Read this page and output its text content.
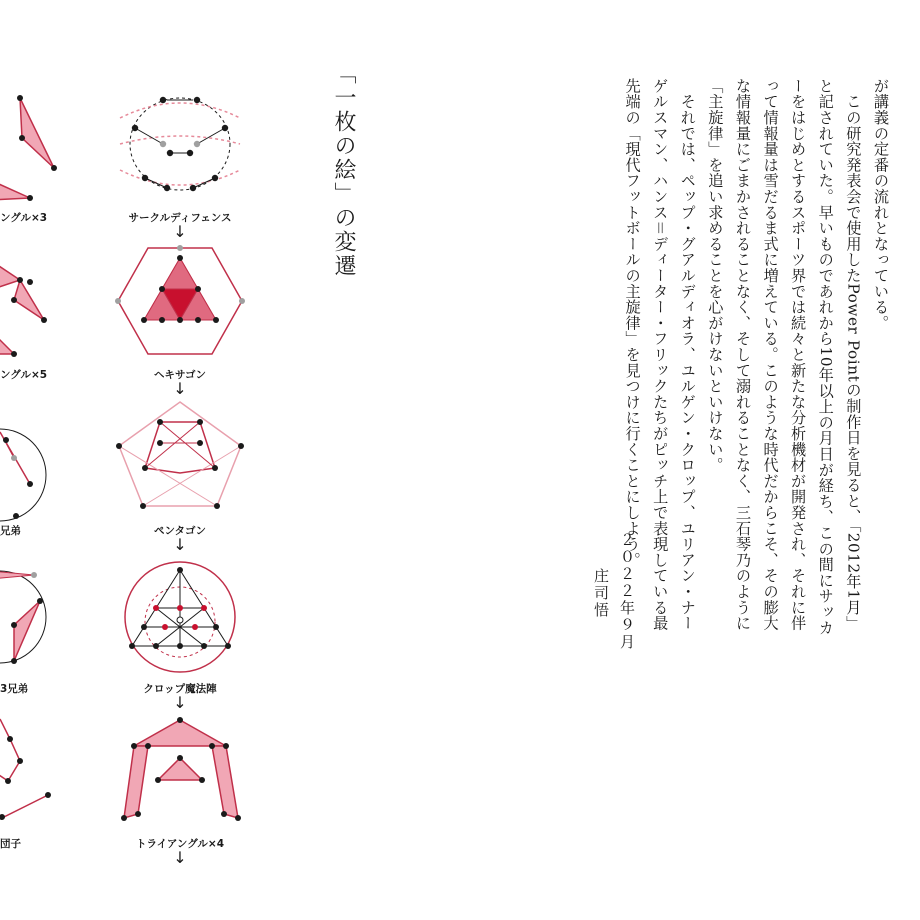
「一枚の絵」の変遷	が講義の定番の流れとなっている。

　この研究発表会で使用したPower Pointの制作日を見ると、「2012年1月」と記されていた。早いものであれから10年以上の月日が経ち、この間にサッカーをはじめとするスポーツ界では続々と新たな分析機材が開発され、それに伴って情報量は雪だるま式に増えている。このような時代だからこそ、その膨大な情報量にごまかされることなく、そして溺れることなく、三石琴乃のように「主旋律」を追い求めることを心がけないといけない。

　それでは、ペップ・グアルディオラ、ユルゲン・クロップ、ユリアン・ナーゲルスマン、ハンス＝ディーター・フリックたちがピッチ上で表現している最先端の「現代フットボールの主旋律」を見つけに行くことにしよう。

２０２２年９月
庄司悟
サークルディフェンス
↓
ヘキサゴン
↓
ペンタゴン
↓
クロップ魔法陣
↓
トライアングル×4
↓
ングル×3
ングル×5
兄弟
3兄弟
団子
